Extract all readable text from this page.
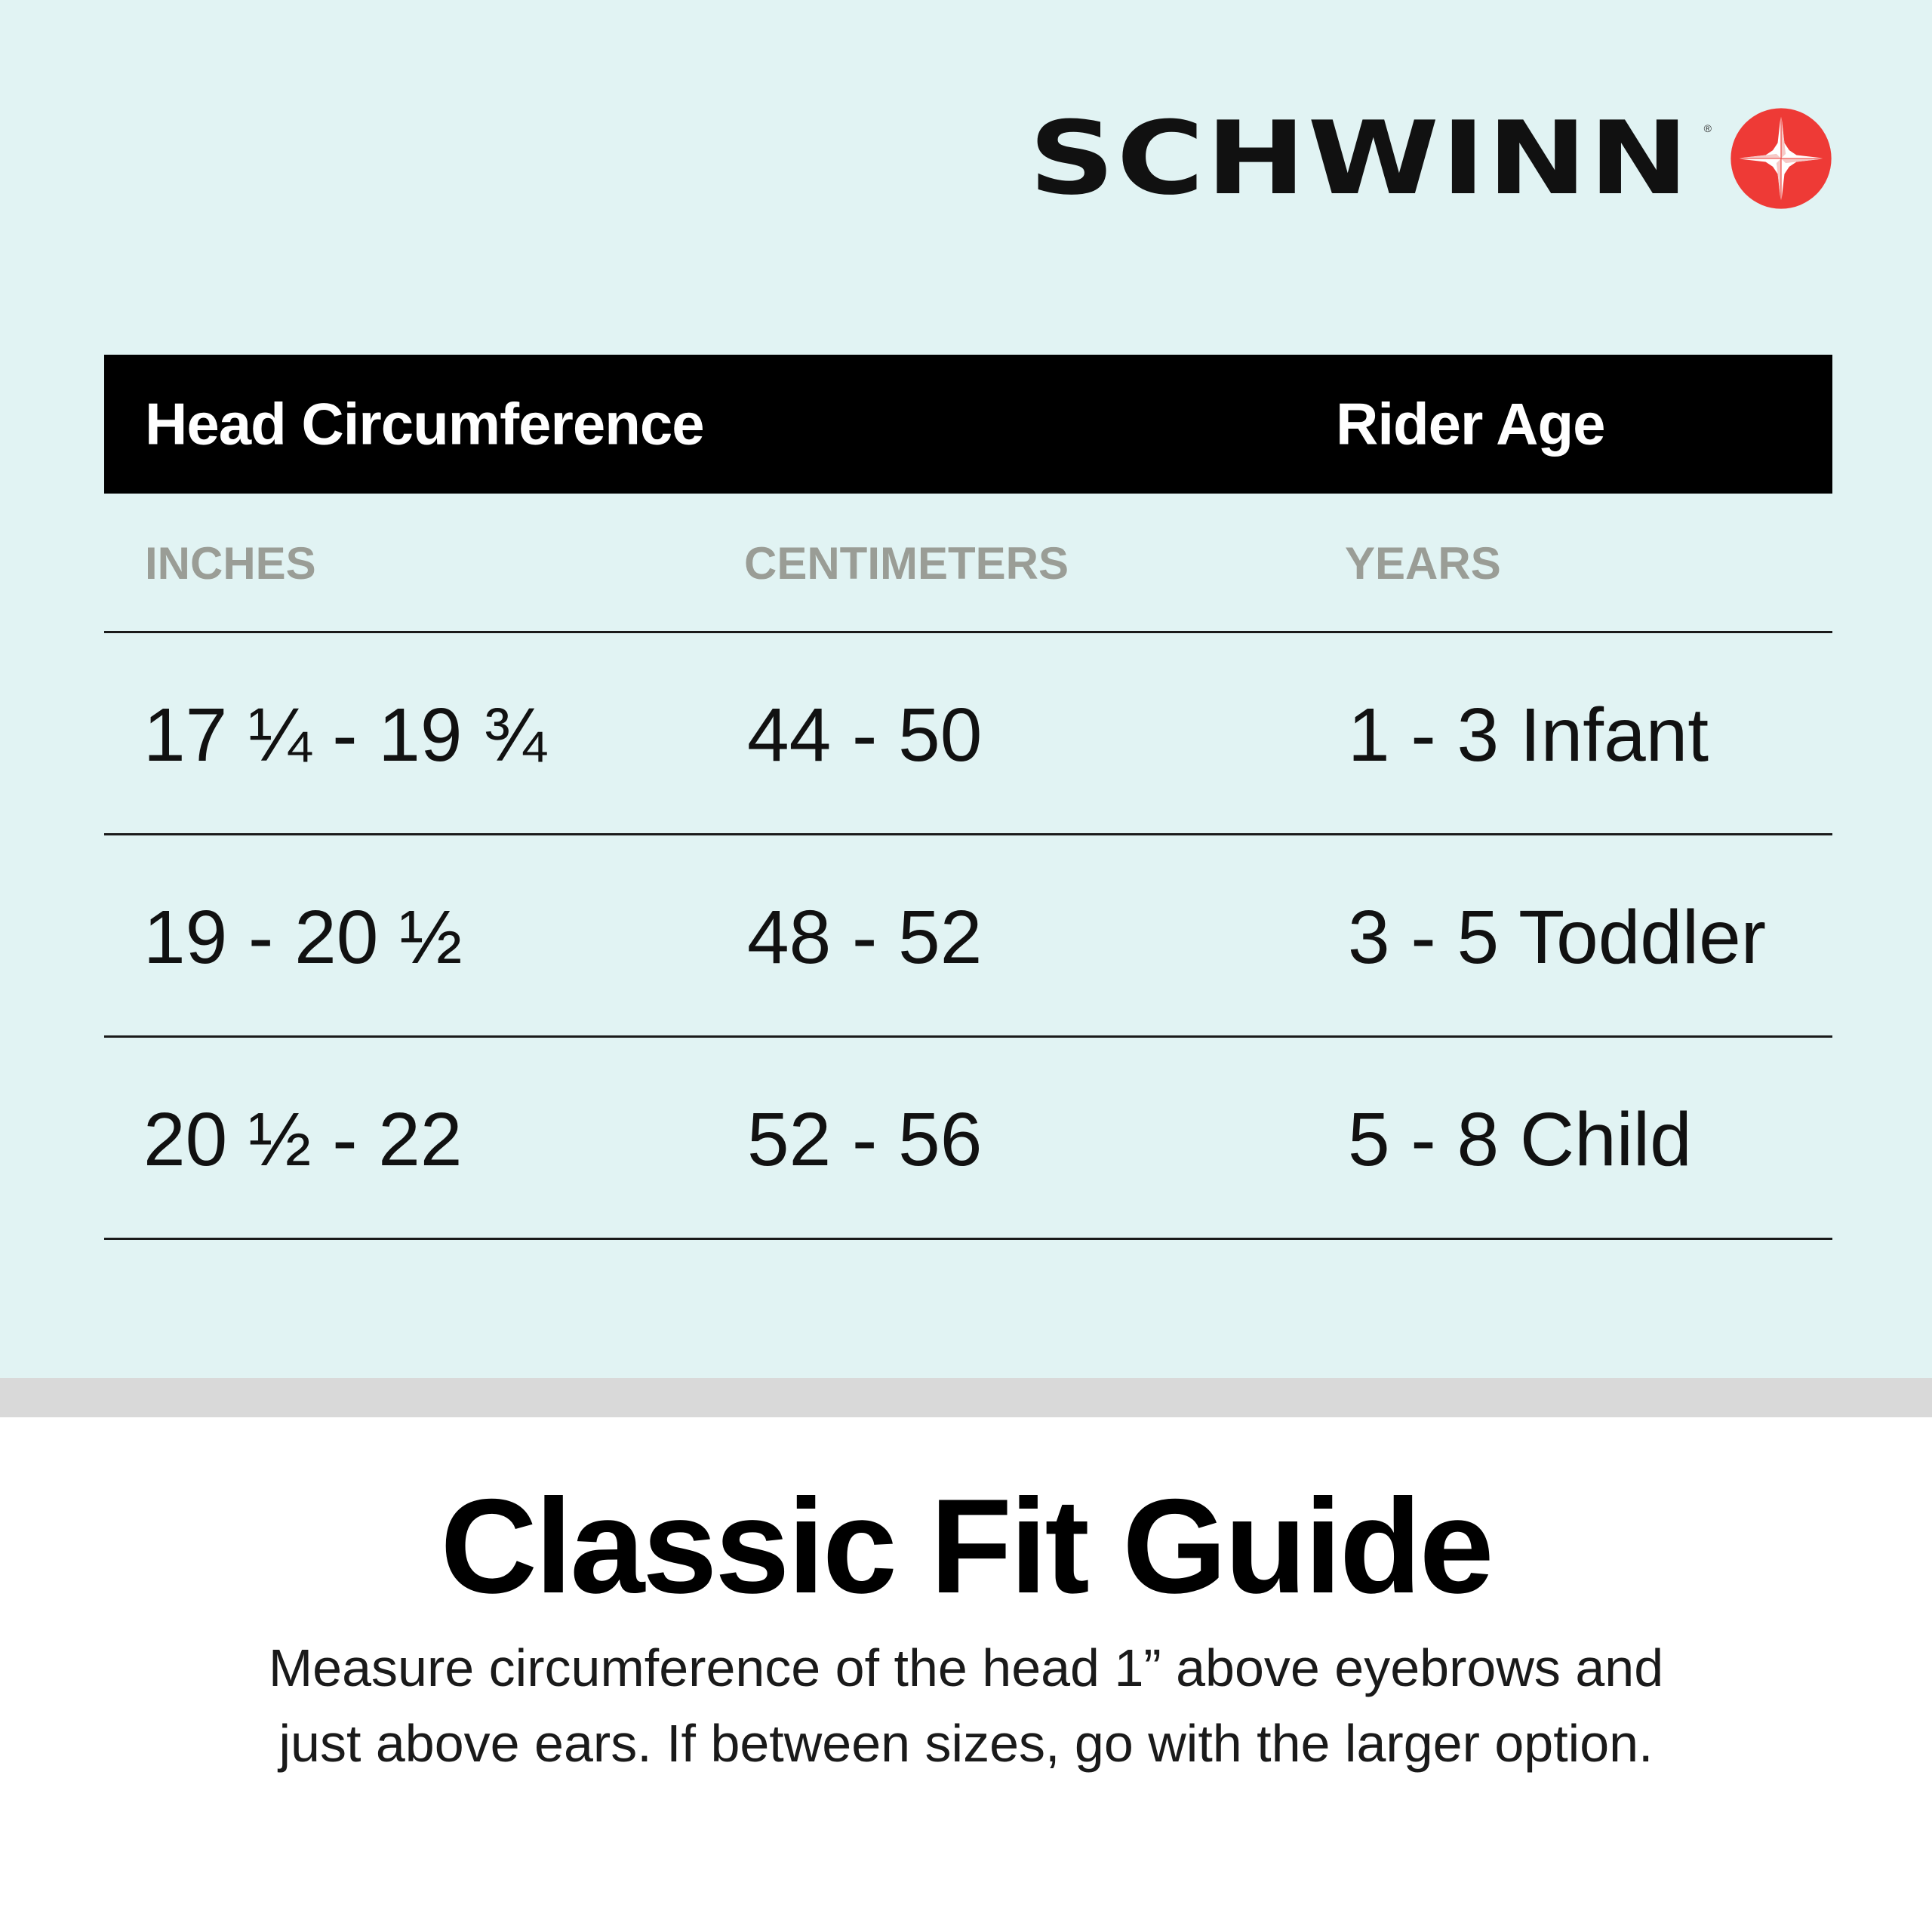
SCHWINN ®
Head Circumference	Rider Age
INCHES	CENTIMETERS	YEARS
17 ¼ - 19 ¾	44 - 50	1 - 3 Infant
19 - 20 ½	48 - 52	3 - 5 Toddler
20 ½ - 22	52 - 56	5 - 8 Child
Classic Fit Guide
Measure circumference of the head 1” above eyebrows and
just above ears. If between sizes, go with the larger option.
